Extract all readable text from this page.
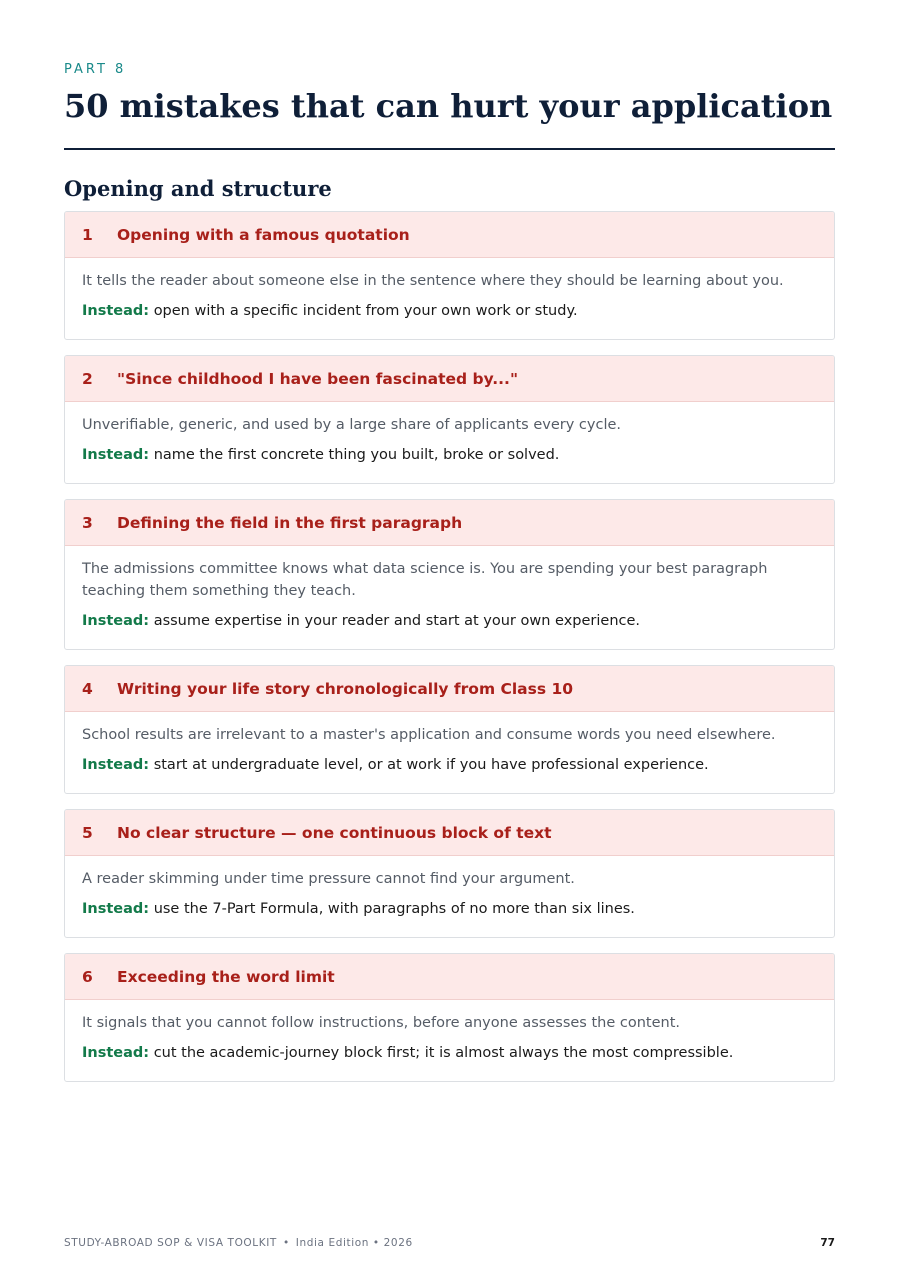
PART 8
50 mistakes that can hurt your application
Opening and structure
1	Opening with a famous quotation

It tells the reader about someone else in the sentence where they should be learning about you.

Instead: open with a specific incident from your own work or study.

2	"Since childhood I have been fascinated by..."

Unverifiable, generic, and used by a large share of applicants every cycle.

Instead: name the first concrete thing you built, broke or solved.

3	Defining the field in the first paragraph

The admissions committee knows what data science is. You are spending your best paragraph teaching them something they teach.

Instead: assume expertise in your reader and start at your own experience.

4	Writing your life story chronologically from Class 10

School results are irrelevant to a master's application and consume words you need elsewhere.

Instead: start at undergraduate level, or at work if you have professional experience.

5	No clear structure — one continuous block of text

A reader skimming under time pressure cannot find your argument.

Instead: use the 7-Part Formula, with paragraphs of no more than six lines.

6	Exceeding the word limit

It signals that you cannot follow instructions, before anyone assesses the content.

Instead: cut the academic-journey block first; it is almost always the most compressible.

STUDY-ABROAD SOP & VISA TOOLKIT • India Edition • 2026	77
